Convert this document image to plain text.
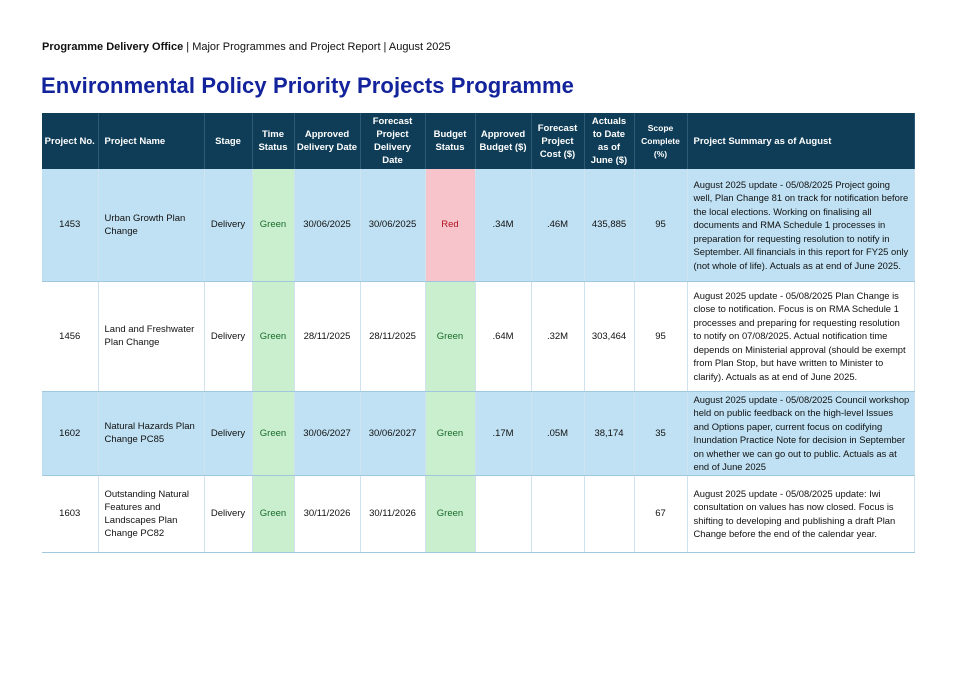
Programme Delivery Office | Major Programmes and Project Report | August 2025
Environmental Policy Priority Projects Programme
Project No.	Project Name	Stage	Time Status	Approved Delivery Date	Forecast Project Delivery Date	Budget Status	Approved Budget ($)	Forecast Project Cost ($)	Actuals to Date as of June ($)	Scope Complete (%)	Project Summary as of August
1453	Urban Growth Plan Change	Delivery	Green	30/06/2025	30/06/2025	Red	.34M	.46M	435,885	95	August 2025 update - 05/08/2025 Project going well, Plan Change 81 on track for notification before the local elections. Working on finalising all documents and RMA Schedule 1 processes in preparation for requesting resolution to notify in September. All financials in this report for FY25 only (not whole of life). Actuals as at end of June 2025.
1456	Land and Freshwater Plan Change	Delivery	Green	28/11/2025	28/11/2025	Green	.64M	.32M	303,464	95	August 2025 update - 05/08/2025 Plan Change is close to notification. Focus is on RMA Schedule 1 processes and preparing for requesting resolution to notify on 07/08/2025. Actual notification time depends on Ministerial approval (should be exempt from Plan Stop, but have written to Minister to clarify). Actuals as at end of June 2025.
1602	Natural Hazards Plan Change PC85	Delivery	Green	30/06/2027	30/06/2027	Green	.17M	.05M	38,174	35	August 2025 update - 05/08/2025 Council workshop held on public feedback on the high-level Issues and Options paper, current focus on codifying Inundation Practice Note for decision in September on whether we can go out to public. Actuals as at end of June 2025
1603	Outstanding Natural Features and Landscapes Plan Change PC82	Delivery	Green	30/11/2026	30/11/2026	Green				67	August 2025 update - 05/08/2025 update: Iwi consultation on values has now closed. Focus is shifting to developing and publishing a draft Plan Change before the end of the calendar year.
